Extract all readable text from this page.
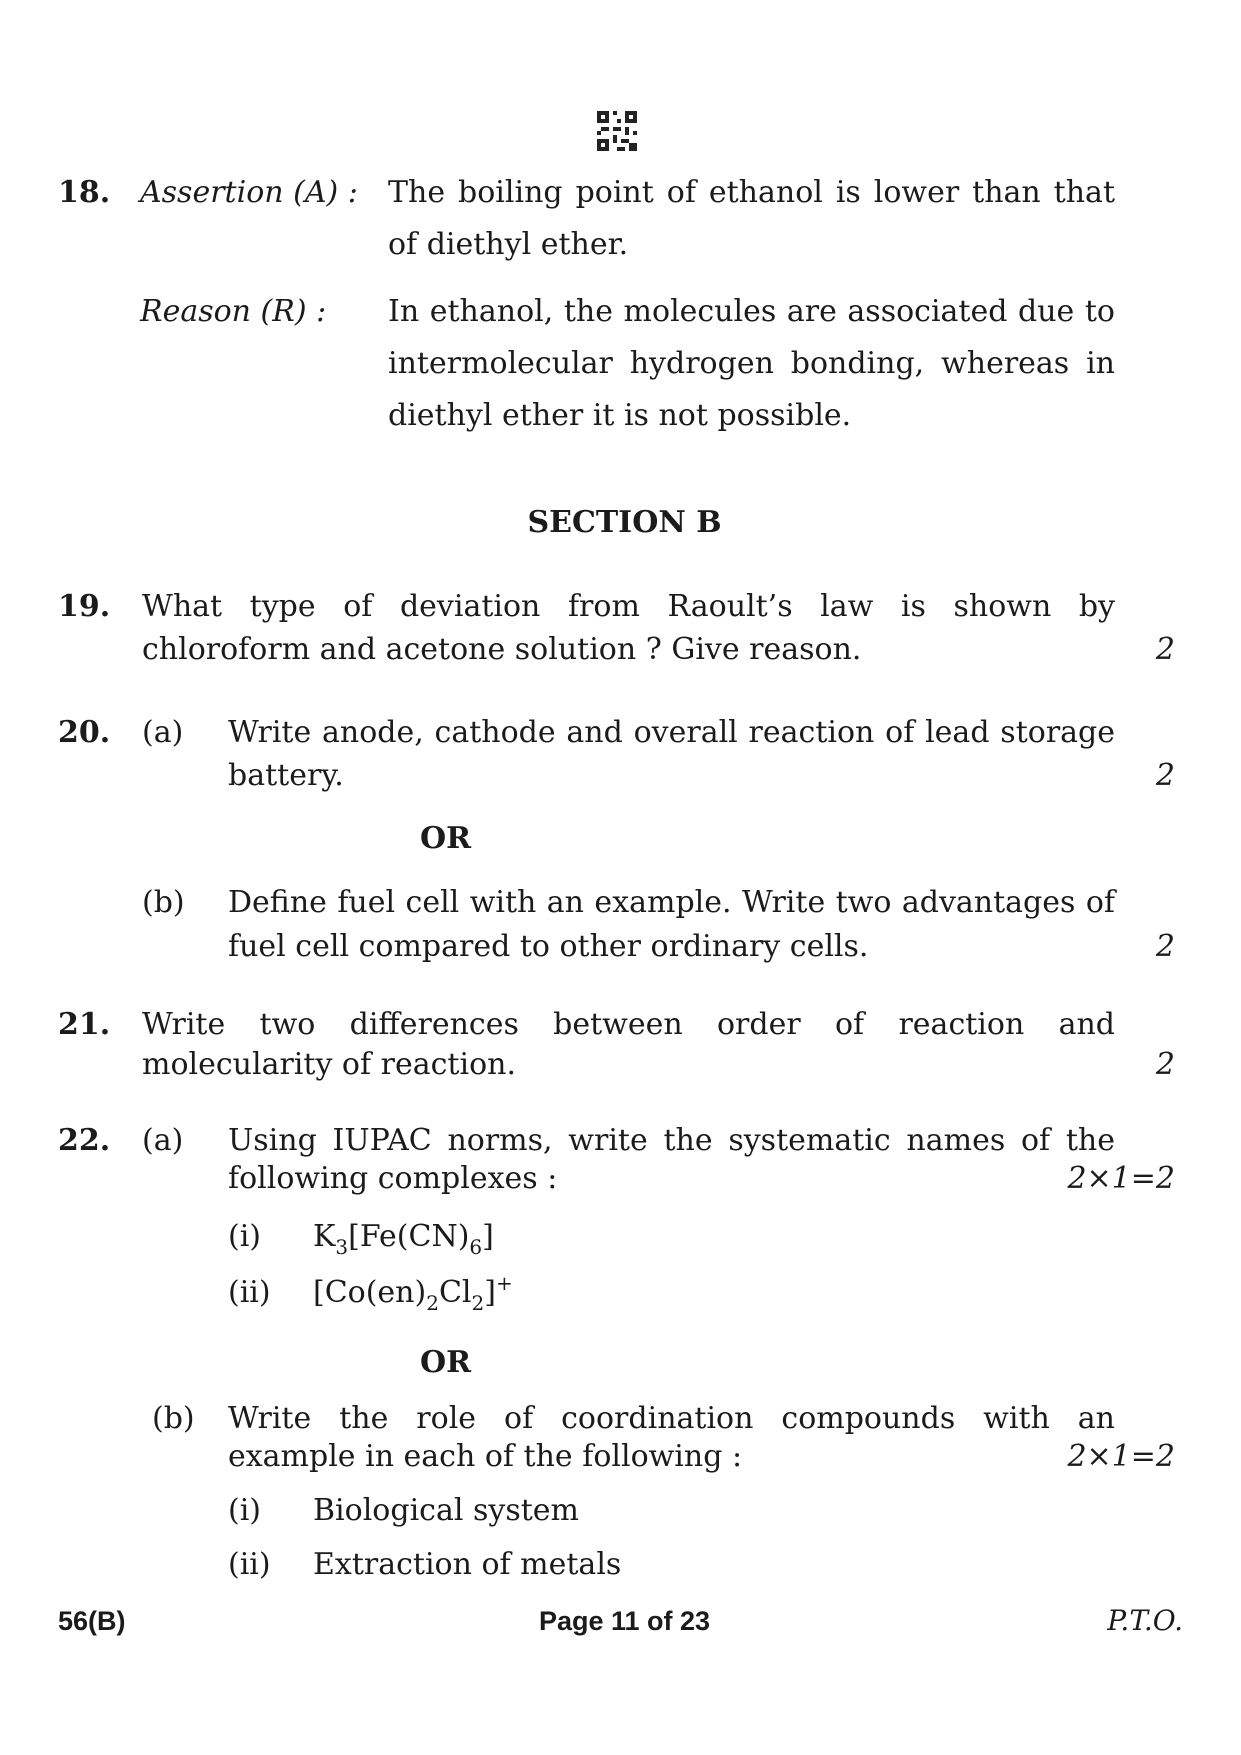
18. Assertion (A) : The boiling point of ethanol is lower than that
of diethyl ether.
Reason (R) : In ethanol, the molecules are associated due to
intermolecular hydrogen bonding, whereas in
diethyl ether it is not possible.
SECTION B
19. What type of deviation from Raoult’s law is shown by
chloroform and acetone solution ? Give reason.	2
20. (a) Write anode, cathode and overall reaction of lead storage
battery.	2
OR
(b) Define fuel cell with an example. Write two advantages of
fuel cell compared to other ordinary cells.	2
21. Write two differences between order of reaction and
molecularity of reaction.	2
22. (a) Using IUPAC norms, write the systematic names of the
following complexes :	2×1=2
(i) $K_3[Fe(CN)_6]$
(ii) $[Co(en)_2Cl_2]^+$
OR
(b) Write the role of coordination compounds with an
example in each of the following :	2×1=2
(i) Biological system
(ii) Extraction of metals
56(B)	Page 11 of 23	P.T.O.
